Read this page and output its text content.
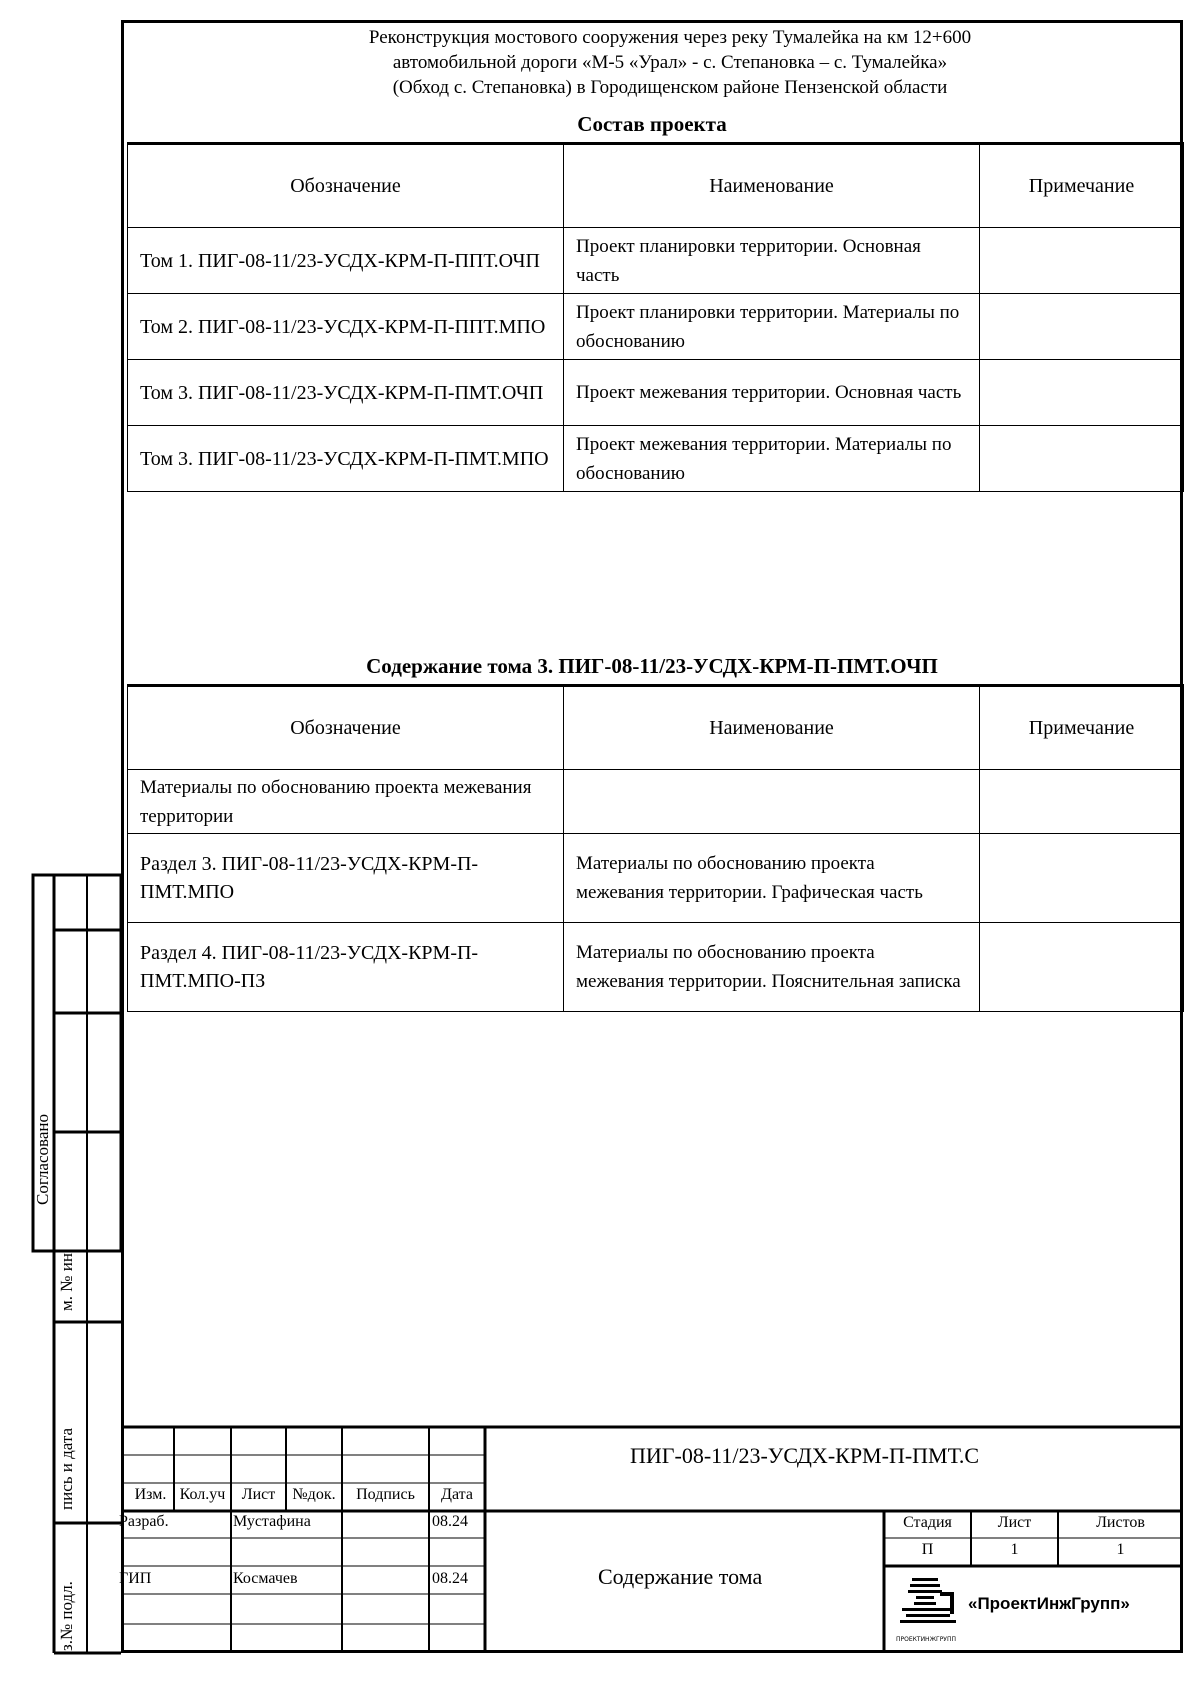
Реконструкция мостового сооружения через реку Тумалейка на км 12+600
автомобильной дороги «М-5 «Урал» - с. Степановка – с. Тумалейка»
(Обход с. Степановка) в Городищенском районе Пензенской области
Состав проекта
Обозначение	Наименование	Примечание
Том 1. ПИГ-08-11/23-УСДХ-КРМ-П-ППТ.ОЧП	Проект планировки территории. Основная часть	
Том 2. ПИГ-08-11/23-УСДХ-КРМ-П-ППТ.МПО	Проект планировки территории. Материалы по обоснованию	
Том 3. ПИГ-08-11/23-УСДХ-КРМ-П-ПМТ.ОЧП	Проект межевания территории. Основная часть	
Том 3. ПИГ-08-11/23-УСДХ-КРМ-П-ПМТ.МПО	Проект межевания территории. Материалы по обоснованию	
Содержание тома 3. ПИГ-08-11/23-УСДХ-КРМ-П-ПМТ.ОЧП
Обозначение	Наименование	Примечание
Материалы по обоснованию проекта межевания территории		
Раздел 3. ПИГ-08-11/23-УСДХ-КРМ-П-ПМТ.МПО	Материалы по обоснованию проекта межевания территории. Графическая часть	
Раздел 4. ПИГ-08-11/23-УСДХ-КРМ-П-ПМТ.МПО-ПЗ	Материалы по обоснованию проекта межевания территории. Пояснительная записка	
Согласовано
м. № ин
пись и дата
з.№ подл.
Изм. Кол.уч	Лист	№док.	Подпись	Дата
Разраб.	Мустафина	08.24
ГИП	Космачев	08.24
Стадия	Лист	Листов
П	1	1
ПИГ-08-11/23-УСДХ-КРМ-П-ПМТ.С
Содержание тома
ПРОЕКТИНЖГРУПП
«ПроектИнжГрупп»
